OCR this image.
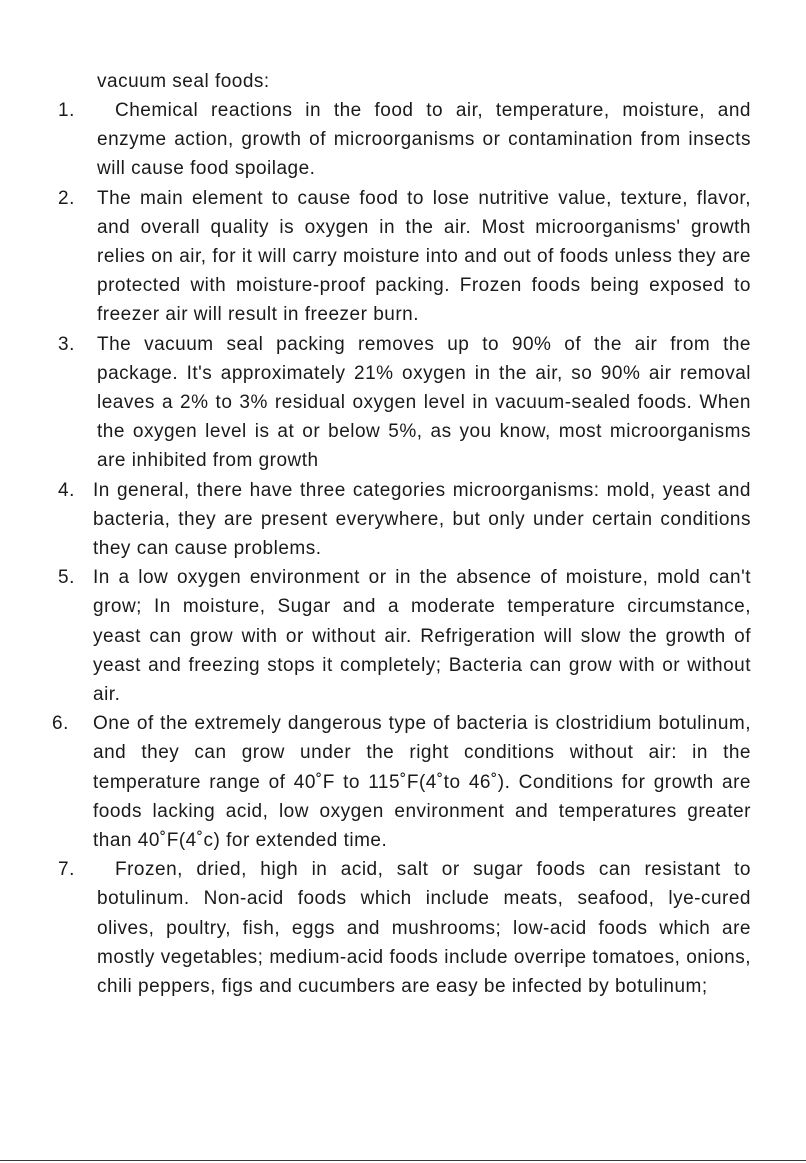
vacuum seal foods:
1.	Chemical reactions in the food to air, temperature, moisture, and enzyme action, growth of microorganisms or contamination from insects will cause food spoilage.
2. The main element to cause food to lose nutritive value, texture, flavor, and overall quality is oxygen in the air. Most microorganisms' growth relies on air, for it will carry moisture into and out of foods unless they are protected with moisture-proof packing. Frozen foods being exposed to freezer air will result in freezer burn.
3. The vacuum seal packing removes up to 90% of the air from the package. It's approximately 21% oxygen in the air, so 90% air removal leaves a 2% to 3% residual oxygen level in vacuum-sealed foods. When the oxygen level is at or below 5%, as you know, most microorganisms are inhibited from growth
4. In general, there have three categories microorganisms: mold, yeast and bacteria, they are present everywhere, but only under certain conditions they can cause problems.
5. In a low oxygen environment or in the absence of moisture, mold can't grow; In moisture, Sugar and a moderate temperature circumstance, yeast can grow with or without air. Refrigeration will slow the growth of yeast and freezing stops it completely; Bacteria can grow with or without air.
6. One of the extremely dangerous type of bacteria is clostridium botulinum, and they can grow under the right conditions without air: in the temperature range of 40˚F to 115˚F(4˚to 46˚). Conditions for growth are foods lacking acid, low oxygen environment and temperatures greater than 40˚F(4˚c) for extended time.
7.	Frozen, dried, high in acid, salt or sugar foods can resistant to botulinum. Non-acid foods which include meats, seafood, lye-cured olives, poultry, fish, eggs and mushrooms; low-acid foods which are mostly vegetables; medium-acid foods include overripe tomatoes, onions, chili peppers, figs and cucumbers are easy be infected by botulinum;
